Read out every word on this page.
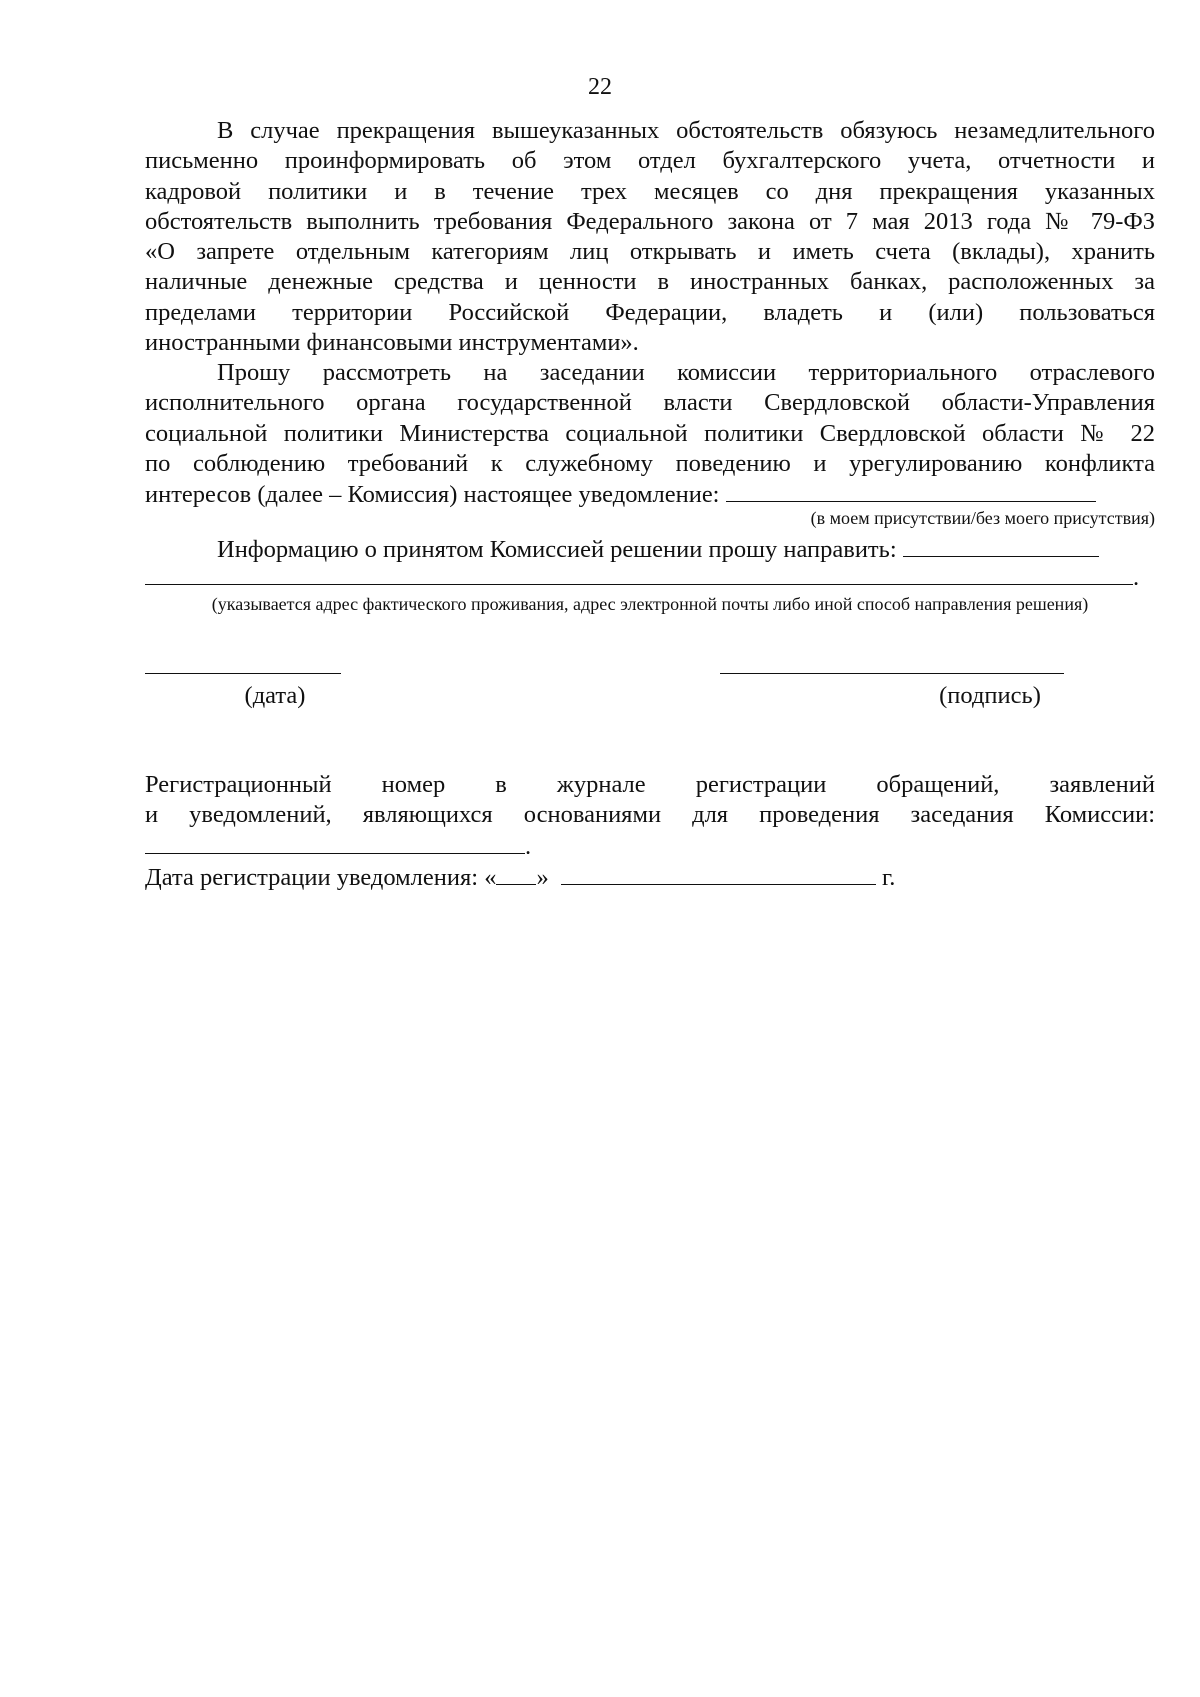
22
В случае прекращения вышеуказанных обстоятельств обязуюсь незамедлительного
письменно проинформировать об этом отдел бухгалтерского учета, отчетности и
кадровой политики и в течение трех месяцев со дня прекращения указанных
обстоятельств выполнить требования Федерального закона от 7 мая 2013 года № 79-ФЗ
«О запрете отдельным категориям лиц открывать и иметь счета (вклады), хранить
наличные денежные средства и ценности в иностранных банках, расположенных за
пределами территории Российской Федерации, владеть и (или) пользоваться
иностранными финансовыми инструментами».
Прошу рассмотреть на заседании комиссии территориального отраслевого
исполнительного органа государственной власти Свердловской области-Управления
социальной политики Министерства социальной политики Свердловской области № 22
по соблюдению требований к служебному поведению и урегулированию конфликта
интересов (далее – Комиссия) настоящее уведомление:
(в моем присутствии/без моего присутствия)
Информацию о принятом Комиссией решении прошу направить:
.
(указывается адрес фактического проживания, адрес электронной почты либо иной способ направления решения)
(дата)	(подпись)
Регистрационный номер в журнале регистрации обращений, заявлений
и уведомлений, являющихся основаниями для проведения заседания Комиссии:
.
Дата регистрации уведомления: « »	г.
